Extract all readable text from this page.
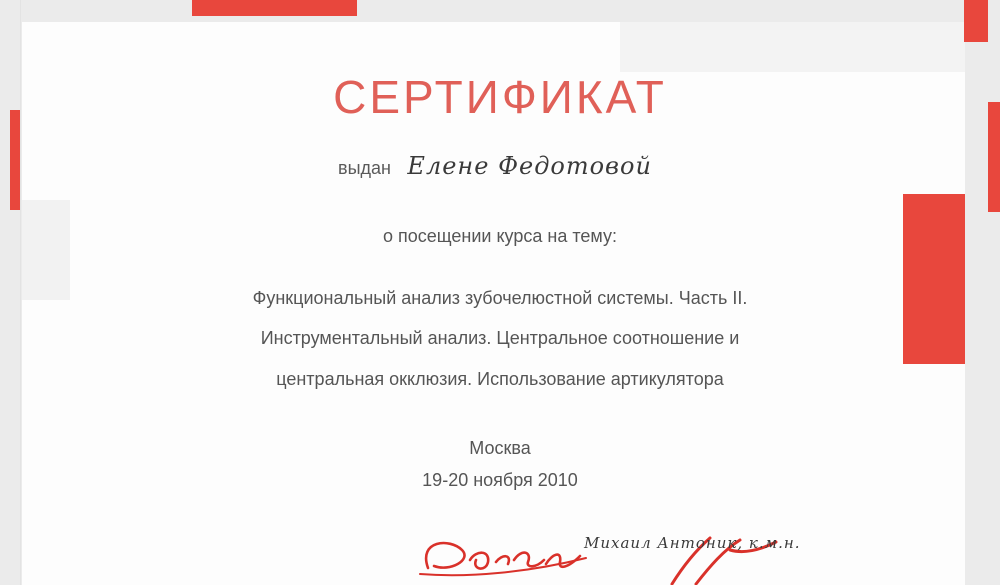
СЕРТИФИКАТ
выдан Елене Федотовой
о посещении курса на тему:
Функциональный анализ зубочелюстной системы. Часть II.
Инструментальный анализ. Центральное соотношение и
центральная окклюзия. Использование артикулятора
Москва
19-20 ноября 2010
Михаил Антоник, к.м.н.
